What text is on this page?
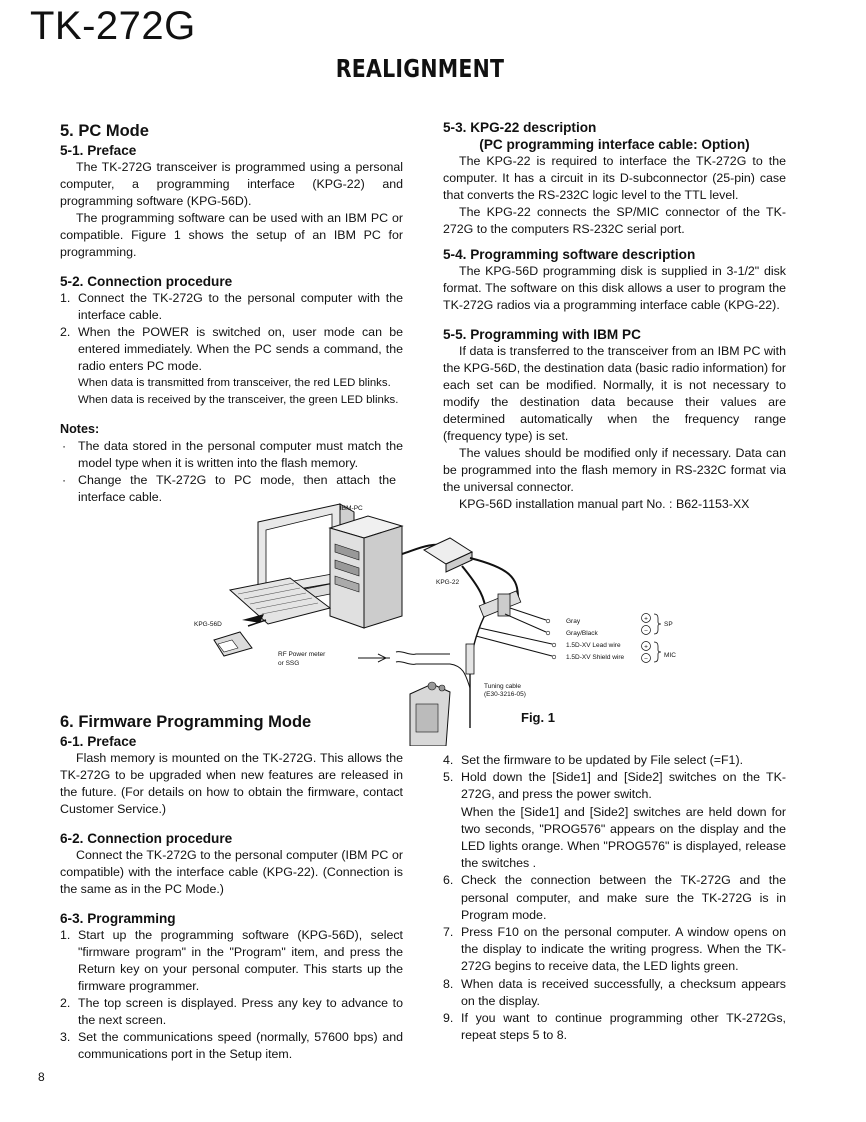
TK-272G
REALIGNMENT
5. PC Mode
5-1. Preface

The TK-272G transceiver is programmed using a personal computer, a programming interface (KPG-22) and programming software (KPG-56D).

The programming software can be used with an IBM PC or compatible. Figure 1 shows the setup of an IBM PC for programming.

5-2. Connection procedure
1. Connect the TK-272G to the personal computer with the interface cable.
2. When the POWER is switched on, user mode can be entered immediately. When the PC sends a command, the radio enters PC mode.
When data is transmitted from transceiver, the red LED blinks.
When data is received by the transceiver, the green LED blinks.
Notes:
· The data stored in the personal computer must match the model type when it is written into the flash memory.
· Change the TK-272G to PC mode, then attach the interface cable.
5-3. KPG-22 description
(PC programming interface cable: Option)

The KPG-22 is required to interface the TK-272G to the computer. It has a circuit in its D-subconnector (25-pin) case that converts the RS-232C logic level to the TTL level.

The KPG-22 connects the SP/MIC connector of the TK-272G to the computers RS-232C serial port.

5-4. Programming software description

The KPG-56D programming disk is supplied in 3-1/2" disk format. The software on this disk allows a user to program the TK-272G radios via a programming interface cable (KPG-22).

5-5. Programming with IBM PC

If data is transferred to the transceiver from an IBM PC with the KPG-56D, the destination data (basic radio information) for each set can be modified. Normally, it is not necessary to modify the destination data because their values are determined automatically when the frequency range (frequency type) is set.

The values should be modified only if necessary. Data can be programmed into the flash memory in RS-232C format via the universal connector.

KPG-56D installation manual part No. : B62-1153-XX

+
−
+
−
IBM-PC
KPG-22
KPG-56D
RF Power meter
or SSG
Tuning cable
(E30-3216-05)
Gray
Gray/Black
1.5D-XV Lead wire
1.5D-XV Shield wire
SP
MIC
Fig. 1
6. Firmware Programming Mode
6-1. Preface

Flash memory is mounted on the TK-272G. This allows the TK-272G to be upgraded when new features are released in the future. (For details on how to obtain the firmware, contact Customer Service.)

6-2. Connection procedure

Connect the TK-272G to the personal computer (IBM PC or compatible) with the interface cable (KPG-22). (Connection is the same as in the PC Mode.)

6-3. Programming
1. Start up the programming software (KPG-56D), select "firmware program" in the "Program" item, and press the Return key on your personal computer. This starts up the firmware programmer.
2. The top screen is displayed. Press any key to advance to the next screen.
3. Set the communications speed (normally, 57600 bps) and communications port in the Setup item.
4. Set the firmware to be updated by File select (=F1).
5. Hold down the [Side1] and [Side2] switches on the TK-272G, and press the power switch.
When the [Side1] and [Side2] switches are held down for two seconds, "PROG576" appears on the display and the LED lights orange. When "PROG576" is displayed, release the switches .
6. Check the connection between the TK-272G and the personal computer, and make sure the TK-272G is in Program mode.
7. Press F10 on the personal computer. A window opens on the display to indicate the writing progress. When the TK-272G begins to receive data, the LED lights green.
8. When data is received successfully, a checksum appears on the display.
9. If you want to continue programming other TK-272Gs, repeat steps 5 to 8.
8
